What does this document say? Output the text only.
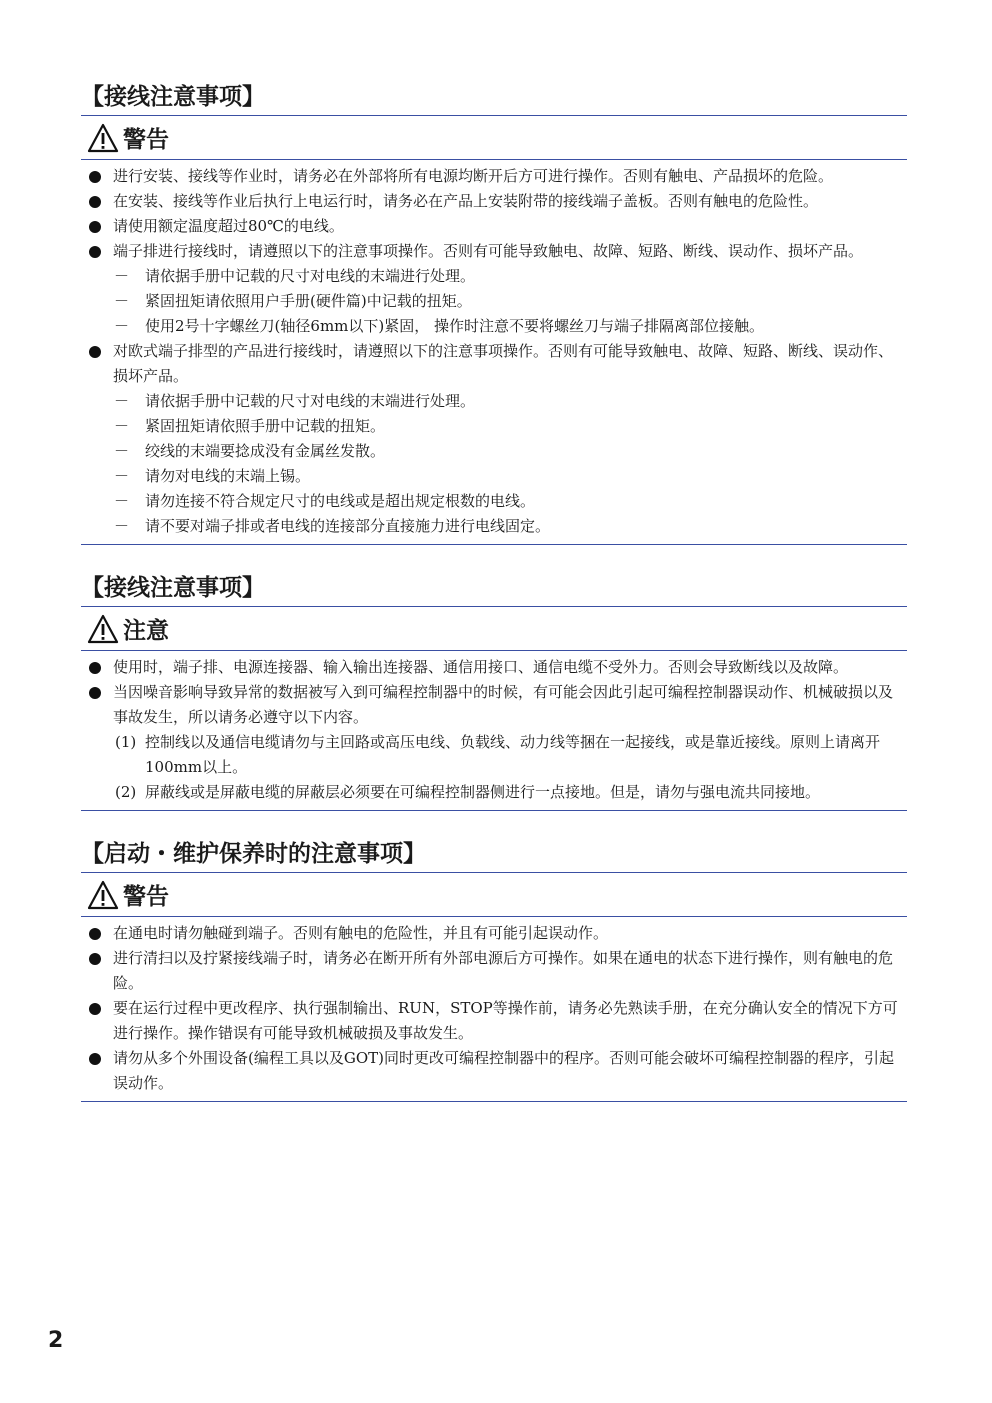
【接线注意事项】
警告
进行安装、接线等作业时，请务必在外部将所有电源均断开后方可进行操作。否则有触电、产品损坏的危险。
在安装、接线等作业后执行上电运行时，请务必在产品上安装附带的接线端子盖板。否则有触电的危险性。
请使用额定温度超过80℃的电线。
端子排进行接线时，请遵照以下的注意事项操作。否则有可能导致触电、故障、短路、断线、误动作、损坏产品。
－ 请依据手册中记载的尺寸对电线的末端进行处理。
－ 紧固扭矩请依照用户手册(硬件篇)中记载的扭矩。
－ 使用2号十字螺丝刀(轴径6mm以下)紧固， 操作时注意不要将螺丝刀与端子排隔离部位接触。
对欧式端子排型的产品进行接线时，请遵照以下的注意事项操作。否则有可能导致触电、故障、短路、断线、误动作、损坏产品。
－ 请依据手册中记载的尺寸对电线的末端进行处理。
－ 紧固扭矩请依照手册中记载的扭矩。
－ 绞线的末端要捻成没有金属丝发散。
－ 请勿对电线的末端上锡。
－ 请勿连接不符合规定尺寸的电线或是超出规定根数的电线。
－ 请不要对端子排或者电线的连接部分直接施力进行电线固定。
【接线注意事项】
注意
使用时，端子排、电源连接器、输入输出连接器、通信用接口、通信电缆不受外力。否则会导致断线以及故障。
当因噪音影响导致异常的数据被写入到可编程控制器中的时候，有可能会因此引起可编程控制器误动作、机械破损以及事故发生，所以请务必遵守以下内容。
(1) 控制线以及通信电缆请勿与主回路或高压电线、负载线、动力线等捆在一起接线，或是靠近接线。原则上请离开100mm以上。
(2) 屏蔽线或是屏蔽电缆的屏蔽层必须要在可编程控制器侧进行一点接地。但是，请勿与强电流共同接地。
【启动・维护保养时的注意事项】
警告
在通电时请勿触碰到端子。否则有触电的危险性，并且有可能引起误动作。
进行清扫以及拧紧接线端子时，请务必在断开所有外部电源后方可操作。如果在通电的状态下进行操作，则有触电的危险。
要在运行过程中更改程序、执行强制输出、RUN，STOP等操作前，请务必先熟读手册，在充分确认安全的情况下方可进行操作。操作错误有可能导致机械破损及事故发生。
请勿从多个外围设备(编程工具以及GOT)同时更改可编程控制器中的程序。否则可能会破坏可编程控制器的程序，引起误动作。
2
